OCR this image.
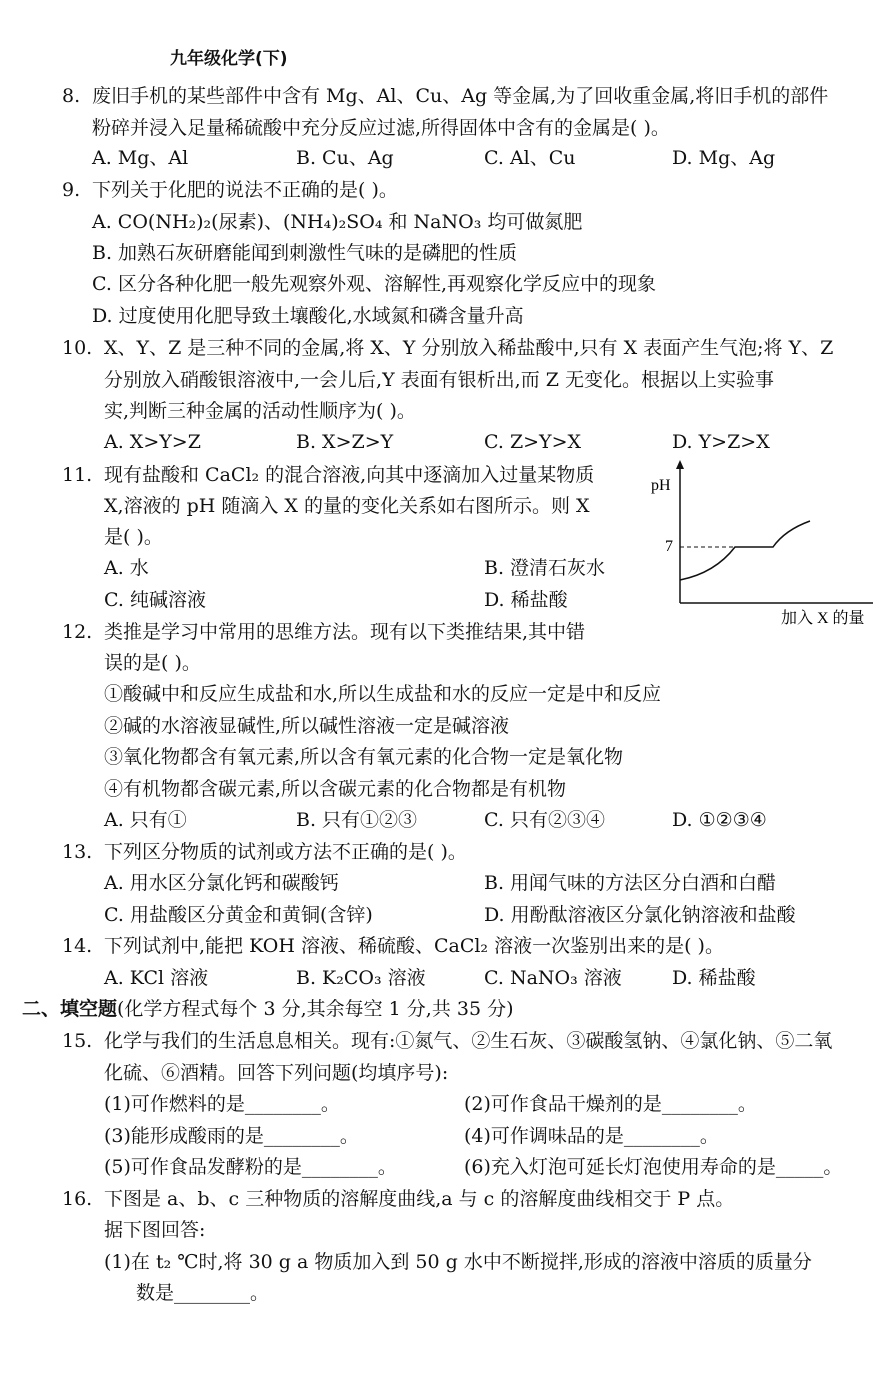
九年级化学(下)
8. 废旧手机的某些部件中含有 Mg、Al、Cu、Ag 等金属,为了回收重金属,将旧手机的部件
粉碎并浸入足量稀硫酸中充分反应过滤,所得固体中含有的金属是( )。
A. Mg、Al	B. Cu、Ag	C. Al、Cu	D. Mg、Ag
9. 下列关于化肥的说法不正确的是( )。
A. CO(NH₂)₂(尿素)、(NH₄)₂SO₄ 和 NaNO₃ 均可做氮肥
B. 加熟石灰研磨能闻到刺激性气味的是磷肥的性质
C. 区分各种化肥一般先观察外观、溶解性,再观察化学反应中的现象
D. 过度使用化肥导致土壤酸化,水域氮和磷含量升高
10. X、Y、Z 是三种不同的金属,将 X、Y 分别放入稀盐酸中,只有 X 表面产生气泡;将 Y、Z
分别放入硝酸银溶液中,一会儿后,Y 表面有银析出,而 Z 无变化。根据以上实验事
实,判断三种金属的活动性顺序为( )。
A. X>Y>Z	B. X>Z>Y	C. Z>Y>X	D. Y>Z>X
11. 现有盐酸和 CaCl₂ 的混合溶液,向其中逐滴加入过量某物质
X,溶液的 pH 随滴入 X 的量的变化关系如右图所示。则 X
是( )。
A. 水	B. 澄清石灰水
C. 纯碱溶液	D. 稀盐酸
pH
7
加入 X 的量
12. 类推是学习中常用的思维方法。现有以下类推结果,其中错
误的是( )。
①酸碱中和反应生成盐和水,所以生成盐和水的反应一定是中和反应
②碱的水溶液显碱性,所以碱性溶液一定是碱溶液
③氧化物都含有氧元素,所以含有氧元素的化合物一定是氧化物
④有机物都含碳元素,所以含碳元素的化合物都是有机物
A. 只有①	B. 只有①②③	C. 只有②③④	D. ①②③④
13. 下列区分物质的试剂或方法不正确的是( )。
A. 用水区分氯化钙和碳酸钙	B. 用闻气味的方法区分白酒和白醋
C. 用盐酸区分黄金和黄铜(含锌)	D. 用酚酞溶液区分氯化钠溶液和盐酸
14. 下列试剂中,能把 KOH 溶液、稀硫酸、CaCl₂ 溶液一次鉴别出来的是( )。
A. KCl 溶液	B. K₂CO₃ 溶液	C. NaNO₃ 溶液	D. 稀盐酸
二、填空题(化学方程式每个 3 分,其余每空 1 分,共 35 分)
15. 化学与我们的生活息息相关。现有:①氮气、②生石灰、③碳酸氢钠、④氯化钠、⑤二氧
化硫、⑥酒精。回答下列问题(均填序号):
(1)可作燃料的是________。	(2)可作食品干燥剂的是________。
(3)能形成酸雨的是________。	(4)可作调味品的是________。
(5)可作食品发酵粉的是________。	(6)充入灯泡可延长灯泡使用寿命的是_____。
16. 下图是 a、b、c 三种物质的溶解度曲线,a 与 c 的溶解度曲线相交于 P 点。
据下图回答:
(1)在 t₂ ℃时,将 30 g a 物质加入到 50 g 水中不断搅拌,形成的溶液中溶质的质量分
数是________。
